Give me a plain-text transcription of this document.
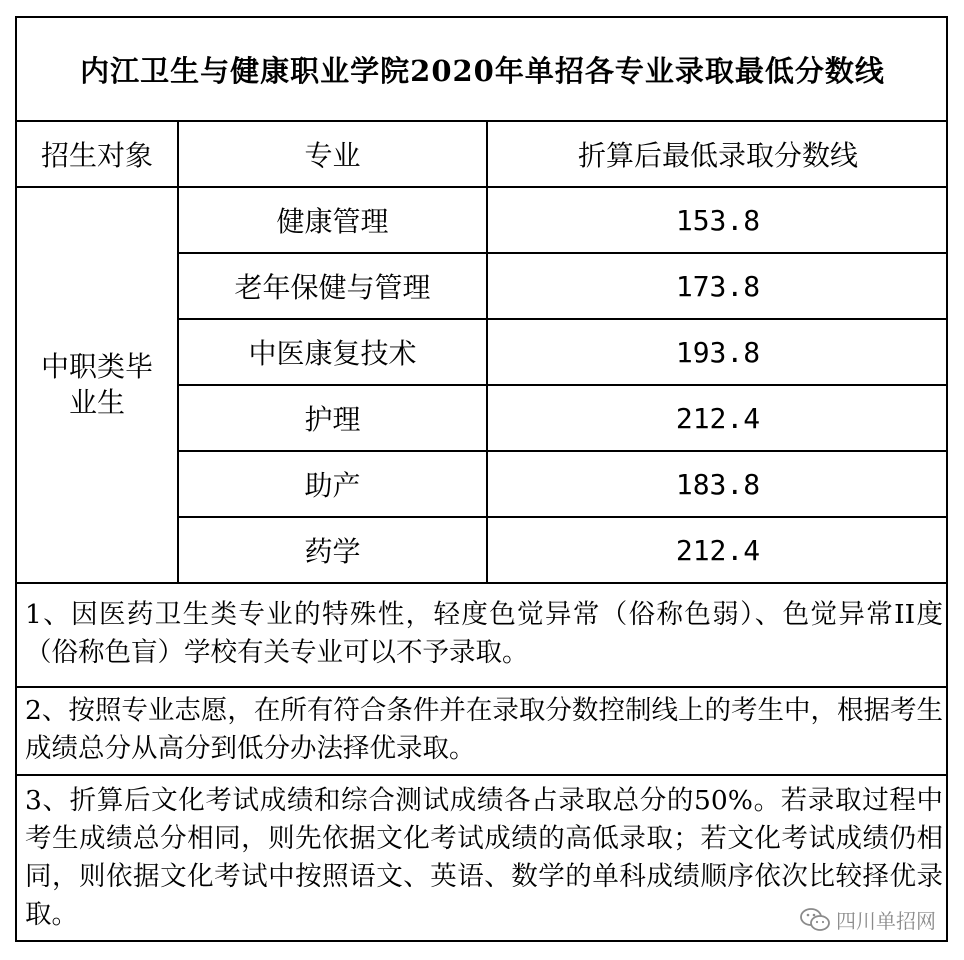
内江卫生与健康职业学院2020年单招各专业录取最低分数线
招生对象	专业	折算后最低录取分数线
中职类毕业生
健康管理	153.8
老年保健与管理	173.8
中医康复技术	193.8
护理	212.4
助产	183.8
药学	212.4
1、因医药卫生类专业的特殊性，轻度色觉异常（俗称色弱）、色觉异常II度（俗称色盲）学校有关专业可以不予录取。
2、按照专业志愿，在所有符合条件并在录取分数控制线上的考生中，根据考生成绩总分从高分到低分办法择优录取。
3、折算后文化考试成绩和综合测试成绩各占录取总分的50%。若录取过程中考生成绩总分相同，则先依据文化考试成绩的高低录取；若文化考试成绩仍相同，则依据文化考试中按照语文、英语、数学的单科成绩顺序依次比较择优录取。	四川单招网
